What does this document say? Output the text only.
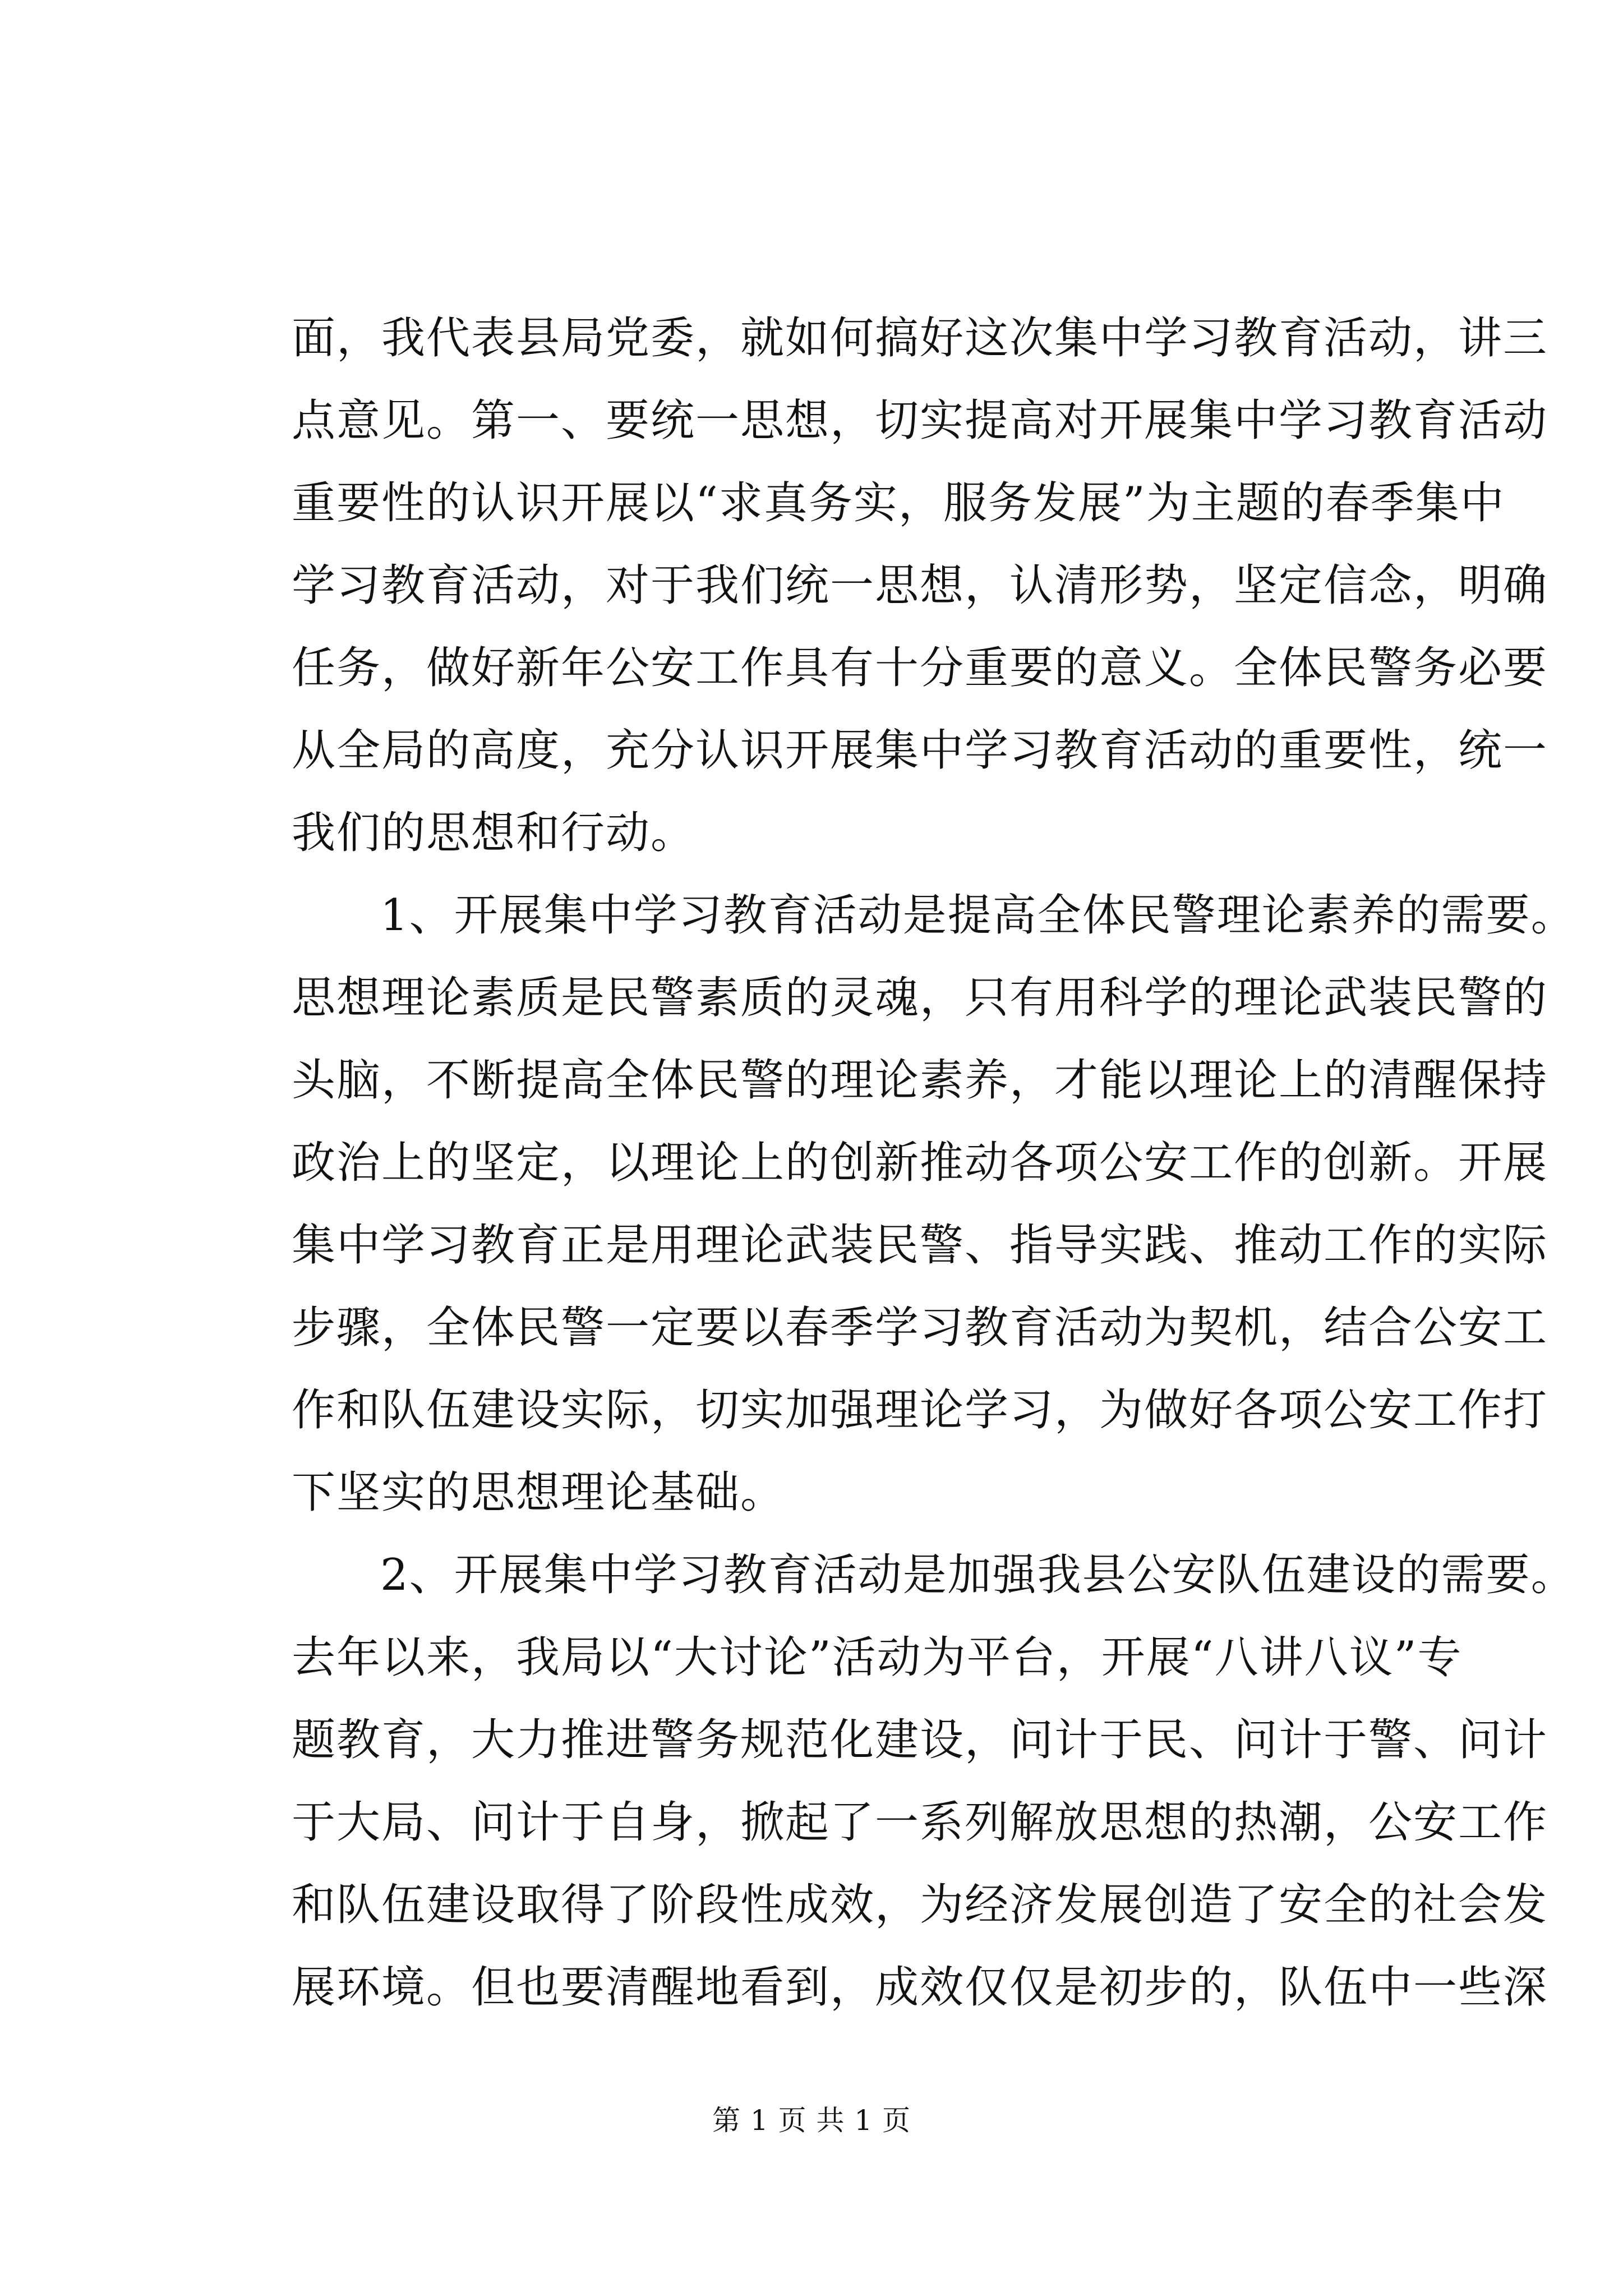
面，我代表县局党委，就如何搞好这次集中学习教育活动，讲三
点意见。第一、要统一思想，切实提高对开展集中学习教育活动
重要性的认识开展以“求真务实，服务发展”为主题的春季集中
学习教育活动，对于我们统一思想，认清形势，坚定信念，明确
任务，做好新年公安工作具有十分重要的意义。全体民警务必要
从全局的高度，充分认识开展集中学习教育活动的重要性，统一
我们的思想和行动。
1、开展集中学习教育活动是提高全体民警理论素养的需要。
思想理论素质是民警素质的灵魂，只有用科学的理论武装民警的
头脑，不断提高全体民警的理论素养，才能以理论上的清醒保持
政治上的坚定，以理论上的创新推动各项公安工作的创新。开展
集中学习教育正是用理论武装民警、指导实践、推动工作的实际
步骤，全体民警一定要以春季学习教育活动为契机，结合公安工
作和队伍建设实际，切实加强理论学习，为做好各项公安工作打
下坚实的思想理论基础。
2、开展集中学习教育活动是加强我县公安队伍建设的需要。
去年以来，我局以“大讨论”活动为平台，开展“八讲八议”专
题教育，大力推进警务规范化建设，问计于民、问计于警、问计
于大局、问计于自身，掀起了一系列解放思想的热潮，公安工作
和队伍建设取得了阶段性成效，为经济发展创造了安全的社会发
展环境。但也要清醒地看到，成效仅仅是初步的，队伍中一些深
第 1 页 共 1 页
